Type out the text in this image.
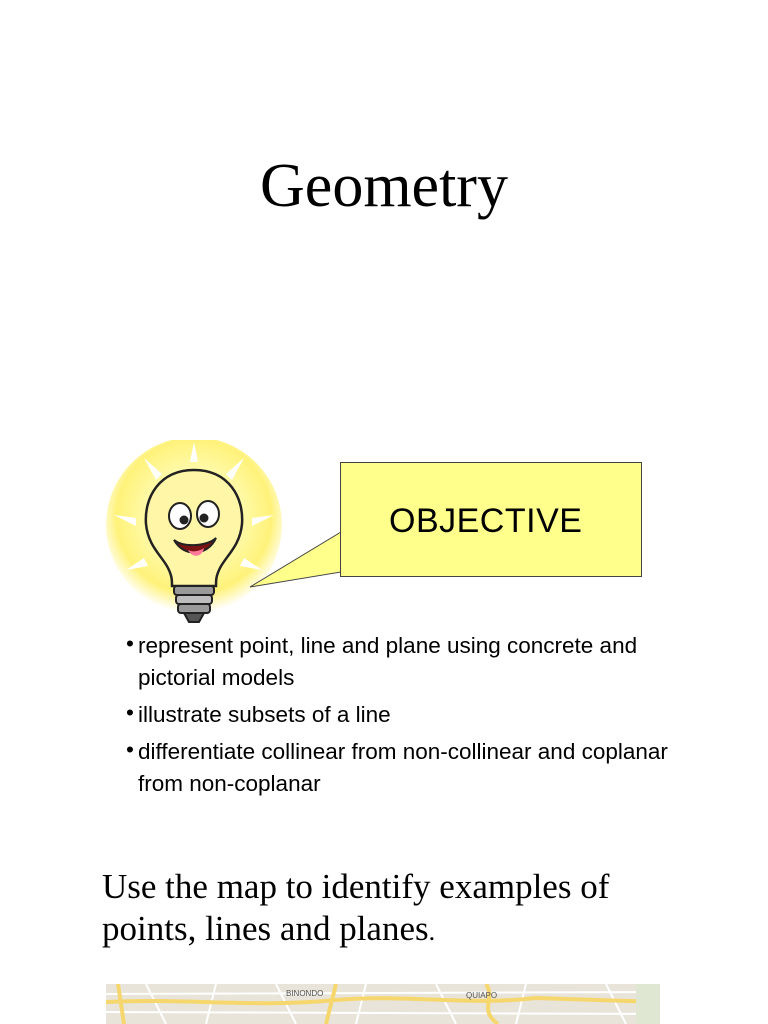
Geometry
OBJECTIVE
• represent point, line and plane using concrete and pictorial models
• illustrate subsets of a line
• differentiate collinear from non-collinear and coplanar from non-coplanar

Use the map to identify examples of points, lines and planes.

BINONDO	QUIAPO
